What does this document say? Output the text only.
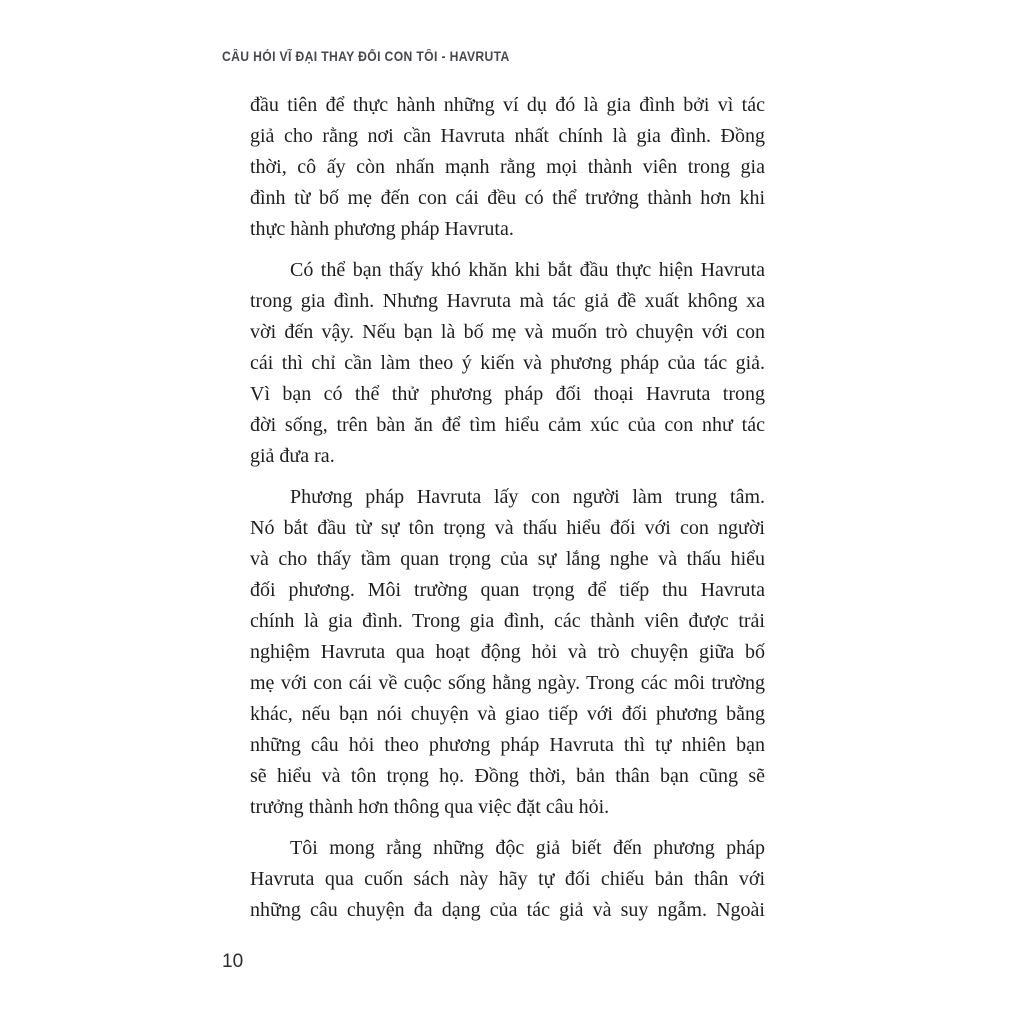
CÂU HỎI VĨ ĐẠI THAY ĐỔI CON TÔI - HAVRUTA
đầu tiên để thực hành những ví dụ đó là gia đình bởi vì tác
giả cho rằng nơi cần Havruta nhất chính là gia đình. Đồng
thời, cô ấy còn nhấn mạnh rằng mọi thành viên trong gia
đình từ bố mẹ đến con cái đều có thể trưởng thành hơn khi
thực hành phương pháp Havruta.
Có thể bạn thấy khó khăn khi bắt đầu thực hiện Havruta
trong gia đình. Nhưng Havruta mà tác giả đề xuất không xa
vời đến vậy. Nếu bạn là bố mẹ và muốn trò chuyện với con
cái thì chỉ cần làm theo ý kiến và phương pháp của tác giả.
Vì bạn có thể thử phương pháp đối thoại Havruta trong
đời sống, trên bàn ăn để tìm hiểu cảm xúc của con như tác
giả đưa ra.
Phương pháp Havruta lấy con người làm trung tâm.
Nó bắt đầu từ sự tôn trọng và thấu hiểu đối với con người
và cho thấy tầm quan trọng của sự lắng nghe và thấu hiểu
đối phương. Môi trường quan trọng để tiếp thu Havruta
chính là gia đình. Trong gia đình, các thành viên được trải
nghiệm Havruta qua hoạt động hỏi và trò chuyện giữa bố
mẹ với con cái về cuộc sống hằng ngày. Trong các môi trường
khác, nếu bạn nói chuyện và giao tiếp với đối phương bằng
những câu hỏi theo phương pháp Havruta thì tự nhiên bạn
sẽ hiểu và tôn trọng họ. Đồng thời, bản thân bạn cũng sẽ
trưởng thành hơn thông qua việc đặt câu hỏi.
Tôi mong rằng những độc giả biết đến phương pháp
Havruta qua cuốn sách này hãy tự đối chiếu bản thân với
những câu chuyện đa dạng của tác giả và suy ngẫm. Ngoài
10
